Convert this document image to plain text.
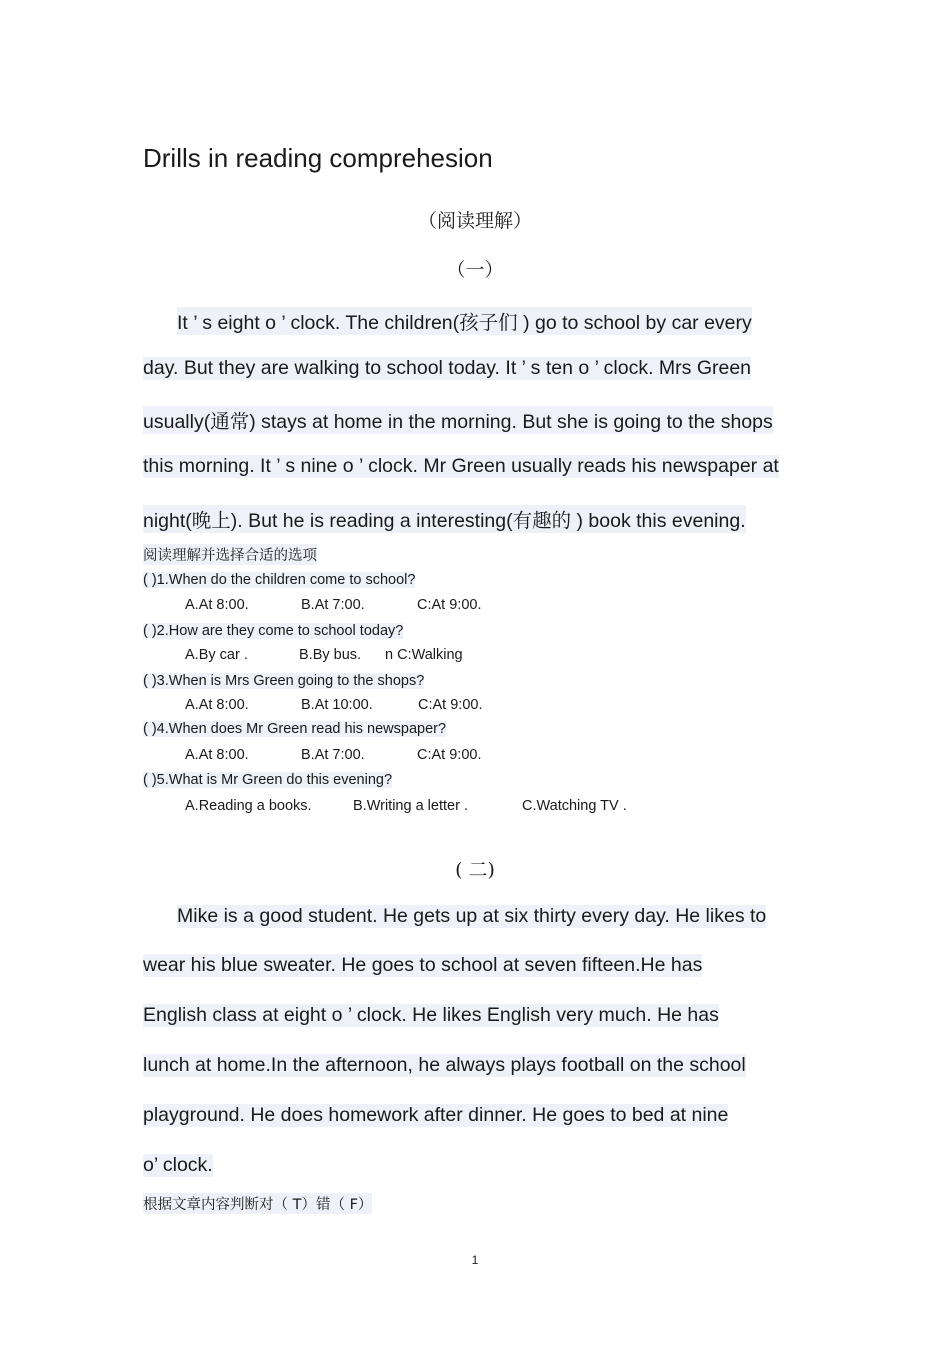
Drills in reading comprehesion
（阅读理解）
（一）
It ’ s eight o ’ clock. The children(孩子们 ) go to school by car every
day. But they are walking to school today. It ’ s ten o ’ clock. Mrs Green
usually(通常) stays at home in the morning. But she is going to the shops
this morning. It ’ s nine o ’ clock. Mr Green usually reads his newspaper at
night(晚上). But he is reading a interesting(有趣的 ) book this evening.
阅读理解并选择合适的选项
( )1.When do the children come to school?
A.At 8:00.	B.At 7:00.	C:At 9:00.
( )2.How are they come to school today?
A.By car .	B.By bus. n C:Walking
( )3.When is Mrs Green going to the shops?
A.At 8:00.	B.At 10:00.	C:At 9:00.
( )4.When does Mr Green read his newspaper?
A.At 8:00.	B.At 7:00.	C:At 9:00.
( )5.What is Mr Green do this evening?
A.Reading a books.	B.Writing a letter .	C.Watching TV .
( 二)
Mike is a good student. He gets up at six thirty every day. He likes to
wear his blue sweater. He goes to school at seven fifteen.He has
English class at eight o ’ clock. He likes English very much. He has
lunch at home.In the afternoon, he always plays football on the school
playground. He does homework after dinner. He goes to bed at nine
o’ clock.
根据文章内容判断对（ T）错（ F）
1
